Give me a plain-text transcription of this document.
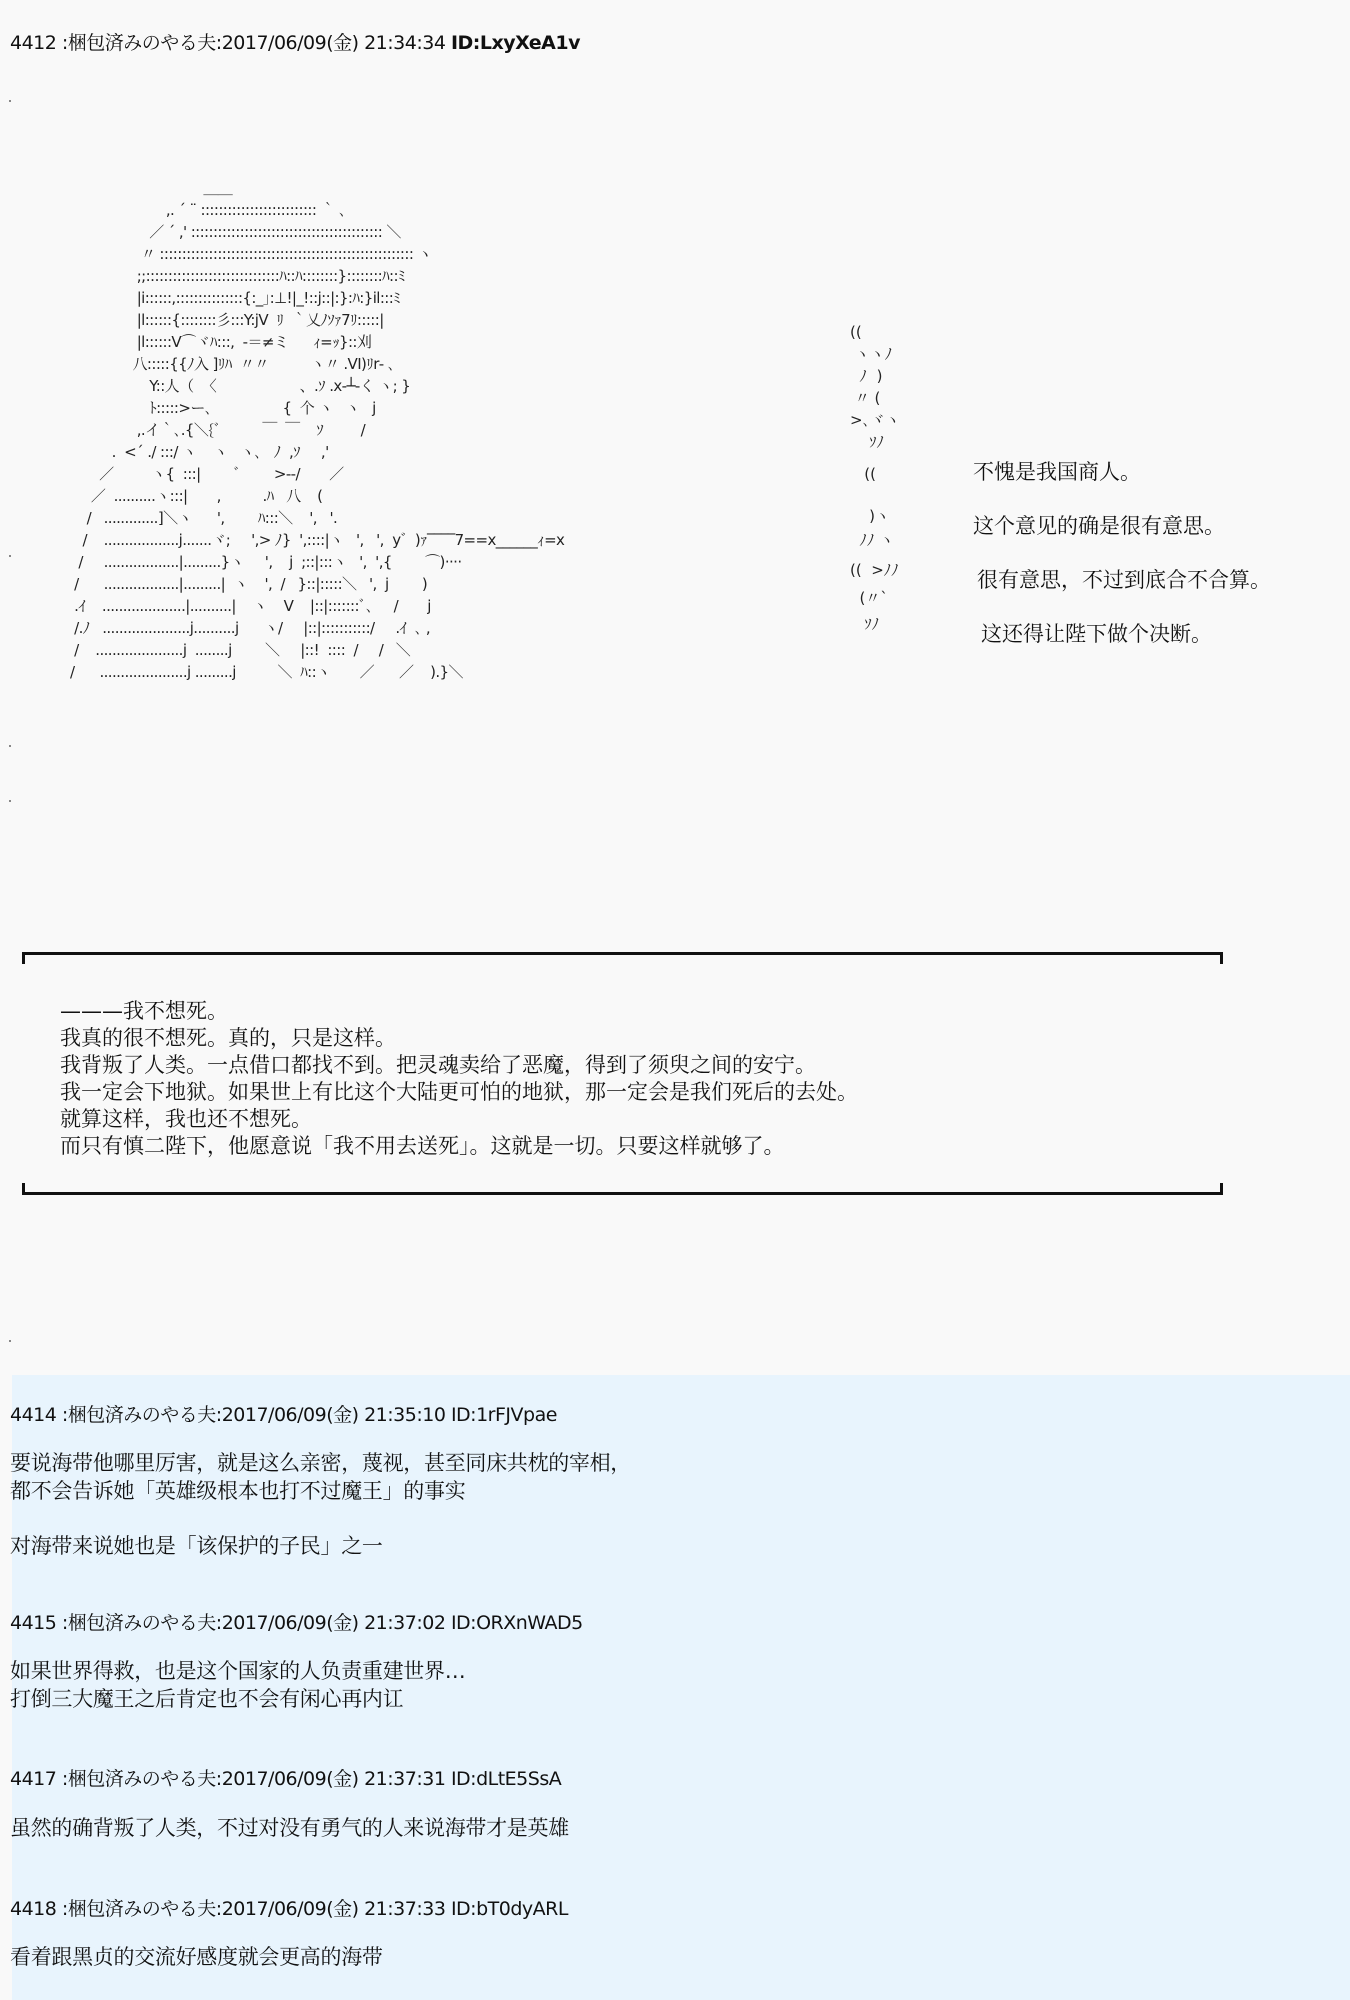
4412 :梱包済みのやる夫:2017/06/09(金) 21:34:34 ID:LxyXeA1v
＿＿
,. ´ ¨ :::::::::::::::::::::::::: ｀ ､
／ ´ ,' ::::::::::::::::::::::::::::::::::::::::::: ＼
〃 ::::::::::::::::::::::::::::::::::::::::::::::::::::::::: ヽ
;;::::::::::::::::::::::::::::::ﾊ::ﾊ::::::::}::::::::ﾊ::ﾐ
|i::::::,:::::::::::::::{:_｣:⊥!|_!::j::|:}:ﾊ:}il:::ﾐ
|l::::::{::::::::彡:::Y:jV  ﾘ  ｀乂ﾉｿｧ7ﾘ:::::|
|l::::::V⌒ヾﾊ:::,  ‐＝≠ミ      ｨ=ｯ}::刈
八:::::{{ﾉ入 ]ﾘﾊ  〃〃          ヽ〃 .VI)ﾘr‐ ､
Y::人（  〈                    、.ｿ .x‐┴‐く ヽ; }
ﾄ:::::>ー､                 {  个 ヽ   ヽ   j
,.イ｀､.{＼{ﾞ          ￣  ￣    ｿ         /
.  <´ ./ :::/ ヽ    ヽ   ヽ､   ﾉ  ,ｿ     ,'
／         ヽ{  :::|        ﾞ        >‐‐/       ／
／  ..........ヽ:::|       ,          .ﾊ   八    (
/   .............]＼ヽ      ',        ﾊ:::＼    ',   '.
/    ..................j.......ヾ;     ',> ﾉ}  ',::::|ヽ   ',   ',  y゛)ｧ‾‾‾‾7==x______ｨ=x
/     ..................|.........}ヽ     ',    j  ;::|:::ヽ   ',  ',{        ⌒)····
/      ..................|.........|  ヽ    ',  /   }::|:::::＼   ',  j        )
.ｲ    ....................|..........|    ヽ    V    |::|:::::::ﾞ､     /       j
/.ﾉ   .....................j..........j      ヽ/     |::|:::::::::::/     .ｲ  ､ ,
/    .....................j  ........j        ＼     |::!  ::::  /     /   ＼
/      .....................j .........j          ＼  ﾊ::ヽ       ／      ／    ).}＼
((
ヽヽﾉ
ﾉ  )
〃 (
>､ヾヽ
ｿﾉ
((
)ヽ
ﾉﾉ ヽ
((  >ﾉﾉ
(〃`
ｿﾉ
不愧是我国商人。
这个意见的确是很有意思。
很有意思，不过到底合不合算。
这还得让陛下做个决断。
———我不想死。
我真的很不想死。真的，只是这样。
我背叛了人类。一点借口都找不到。把灵魂卖给了恶魔，得到了须臾之间的安宁。
我一定会下地狱。如果世上有比这个大陆更可怕的地狱，那一定会是我们死后的去处。
就算这样，我也还不想死。
而只有慎二陛下，他愿意说「我不用去送死」。这就是一切。只要这样就够了。
4414 :梱包済みのやる夫:2017/06/09(金) 21:35:10 ID:1rFJVpae
要说海带他哪里厉害，就是这么亲密，蔑视，甚至同床共枕的宰相，
都不会告诉她「英雄级根本也打不过魔王」的事实
对海带来说她也是「该保护的子民」之一
4415 :梱包済みのやる夫:2017/06/09(金) 21:37:02 ID:ORXnWAD5
如果世界得救，也是这个国家的人负责重建世界…
打倒三大魔王之后肯定也不会有闲心再内讧
4417 :梱包済みのやる夫:2017/06/09(金) 21:37:31 ID:dLtE5SsA
虽然的确背叛了人类，不过对没有勇气的人来说海带才是英雄
4418 :梱包済みのやる夫:2017/06/09(金) 21:37:33 ID:bT0dyARL
看着跟黑贞的交流好感度就会更高的海带
